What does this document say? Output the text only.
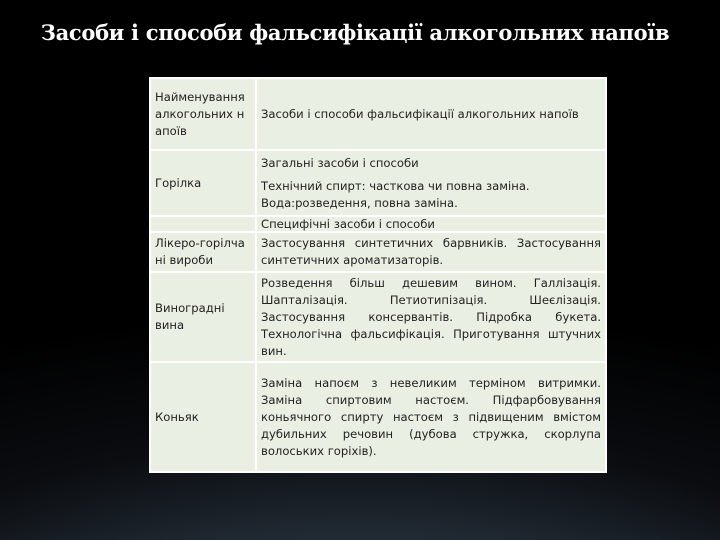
Засоби і способи фальсифікації алкогольних напоїв
Найменування алкогольних напоїв	Засоби і способи фальсифікації алкогольних напоїв
Горілка	Загальні засоби і способи
Технічний спирт: часткова чи повна заміна.
Вода:розведення, повна заміна.

	Специфічні засоби і способи
Лікеро-горілчані вироби	Застосування синтетичних барвників. Застосування синтетичних ароматизаторів.
Виноградні вина	Розведення більш дешевим вином. Галлізація. Шапталізація. Петиотипізація. Шеєлізація. Застосування консервантів. Підробка букета. Технологічна фальсифікація. Приготування штучних вин.
Коньяк	Заміна напоєм з невеликим терміном витримки. Заміна спиртовим настоєм. Підфарбовування коньячного спирту настоєм з підвищеним вмістом дубильних речовин (дубова стружка, скорлупа волоських горіхів).
